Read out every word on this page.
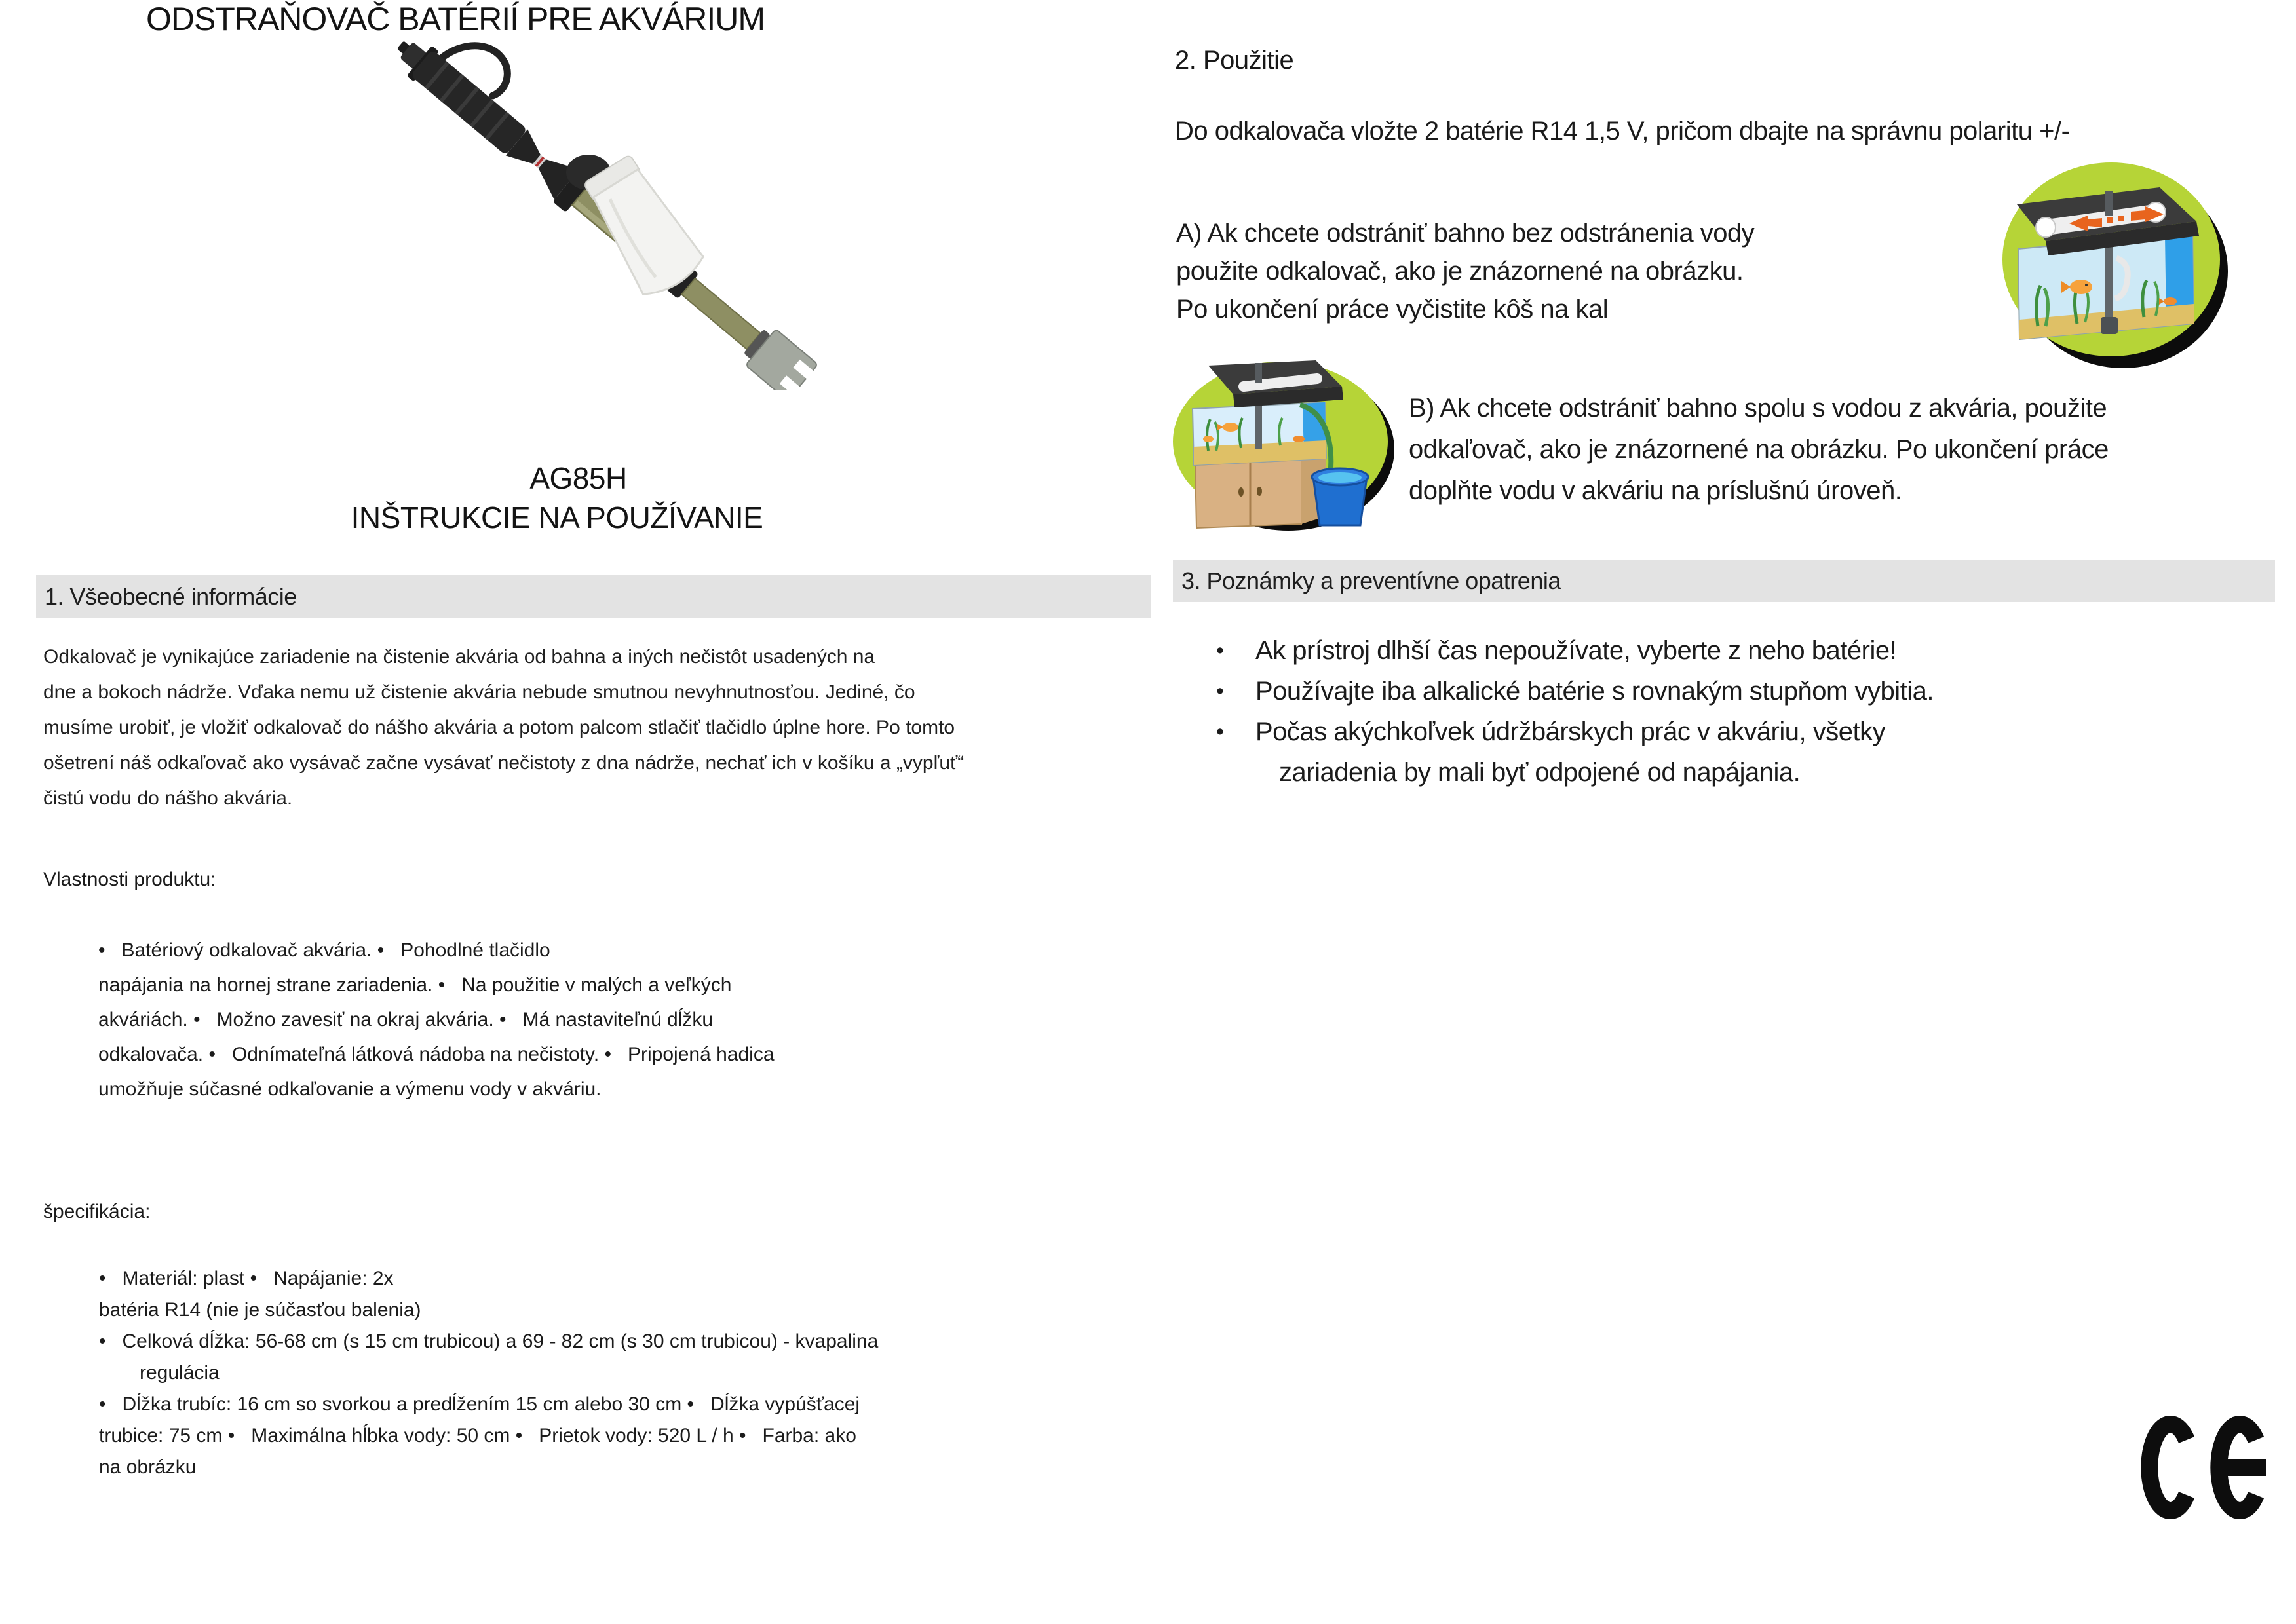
ODSTRAŇOVAČ BATÉRIÍ PRE AKVÁRIUM
AG85H
INŠTRUKCIE NA POUŽÍVANIE
1. Všeobecné informácie
Odkalovač je vynikajúce zariadenie na čistenie akvária od bahna a iných nečistôt usadených na
dne a bokoch nádrže. Vďaka nemu už čistenie akvária nebude smutnou nevyhnutnosťou. Jediné, čo
musíme urobiť, je vložiť odkalovač do nášho akvária a potom palcom stlačiť tlačidlo úplne hore. Po tomto
ošetrení náš odkaľovač ako vysávač začne vysávať nečistoty z dna nádrže, nechať ich v košíku a „vypľuť“
čistú vodu do nášho akvária.
Vlastnosti produktu:
•   Batériový odkalovač akvária. •   Pohodlné tlačidlo
napájania na hornej strane zariadenia. •   Na použitie v malých a veľkých
akváriách. •   Možno zavesiť na okraj akvária. •   Má nastaviteľnú dĺžku
odkalovača. •   Odnímateľná látková nádoba na nečistoty. •   Pripojená hadica
umožňuje súčasné odkaľovanie a výmenu vody v akváriu.
špecifikácia:
•   Materiál: plast •   Napájanie: 2x
batéria R14 (nie je súčasťou balenia)
•   Celková dĺžka: 56-68 cm (s 15 cm trubicou) a 69 - 82 cm (s 30 cm trubicou) - kvapalina
regulácia
•   Dĺžka trubíc: 16 cm so svorkou a predĺžením 15 cm alebo 30 cm •   Dĺžka vypúšťacej
trubice: 75 cm •   Maximálna hĺbka vody: 50 cm •   Prietok vody: 520 L / h •   Farba: ako
na obrázku
2. Použitie
Do odkalovača vložte 2 batérie R14 1,5 V, pričom dbajte na správnu polaritu +/-
A) Ak chcete odstrániť bahno bez odstránenia vody
použite odkalovač, ako je znázornené na obrázku.
Po ukončení práce vyčistite kôš na kal
B) Ak chcete odstrániť bahno spolu s vodou z akvária, použite
odkaľovač, ako je znázornené na obrázku. Po ukončení práce
doplňte vodu v akváriu na príslušnú úroveň.
3. Poznámky a preventívne opatrenia
•	Ak prístroj dlhší čas nepoužívate, vyberte z neho batérie!
•	Používajte iba alkalické batérie s rovnakým stupňom vybitia.
•	Počas akýchkoľvek údržbárskych prác v akváriu, všetky
zariadenia by mali byť odpojené od napájania.
